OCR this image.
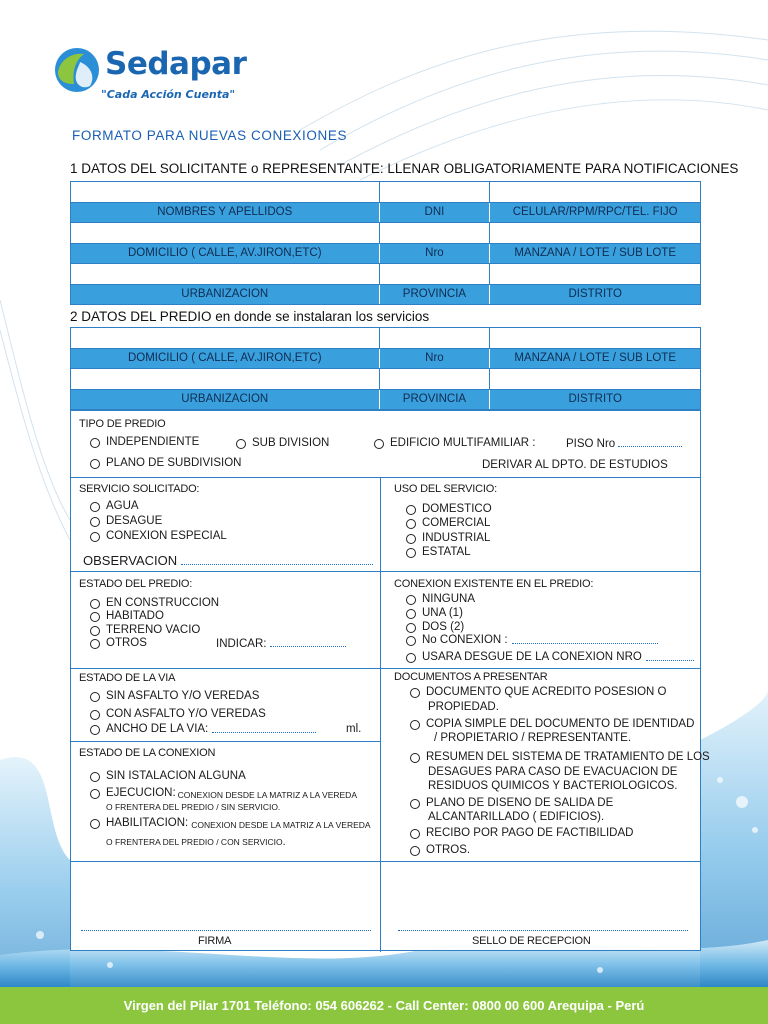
Sedapar
"Cada Acción Cuenta"
FORMATO PARA NUEVAS CONEXIONES
1 DATOS DEL SOLICITANTE o REPRESENTANTE: LLENAR OBLIGATORIAMENTE PARA NOTIFICACIONES
NOMBRES Y APELLIDOS	DNI	CELULAR/RPM/RPC/TEL. FIJO
DOMICILIO ( CALLE, AV.JIRON,ETC)	Nro	MANZANA / LOTE / SUB LOTE
URBANIZACION	PROVINCIA	DISTRITO
2 DATOS DEL PREDIO en donde se instalaran los servicios
DOMICILIO ( CALLE, AV.JIRON,ETC)	Nro	MANZANA / LOTE / SUB LOTE
URBANIZACION	PROVINCIA	DISTRITO
TIPO DE PREDIO
INDEPENDIENTE	SUB DIVISION	EDIFICIO MULTIFAMILIAR :	PISO Nro
PLANO DE SUBDIVISION	DERIVAR AL DPTO. DE ESTUDIOS
SERVICIO SOLICITADO:
AGUA
DESAGUE
CONEXION ESPECIAL
OBSERVACION
USO DEL SERVICIO:
DOMESTICO
COMERCIAL
INDUSTRIAL
ESTATAL
ESTADO DEL PREDIO:
EN CONSTRUCCION
HABITADO
TERRENO VACIO
OTROS	INDICAR:
CONEXION EXISTENTE EN EL PREDIO:
NINGUNA
UNA (1)
DOS (2)
No CONEXION :
USARA DESGUE DE LA CONEXION NRO
ESTADO DE LA VIA
SIN ASFALTO Y/O VEREDAS
CON ASFALTO Y/O VEREDAS
ANCHO DE LA VIA:	ml.
ESTADO DE LA CONEXION
SIN ISTALACION ALGUNA
EJECUCION: CONEXION DESDE LA MATRIZ A LA VEREDA
O FRENTERA DEL PREDIO / SIN SERVICIO.
HABILITACION: CONEXION DESDE LA MATRIZ A LA VEREDA
O FRENTERA DEL PREDIO / CON SERVICIO.
DOCUMENTOS A PRESENTAR
DOCUMENTO QUE ACREDITO POSESION O
PROPIEDAD.
COPIA SIMPLE DEL DOCUMENTO DE IDENTIDAD
/ PROPIETARIO / REPRESENTANTE.
RESUMEN DEL SISTEMA DE TRATAMIENTO DE LOS
DESAGUES PARA CASO DE EVACUACION DE
RESIDUOS QUIMICOS Y BACTERIOLOGICOS.
PLANO DE DISENO DE SALIDA DE
ALCANTARILLADO ( EDIFICIOS).
RECIBO POR PAGO DE FACTIBILIDAD
OTROS.
FIRMA	SELLO DE RECEPCION
Virgen del Pilar 1701 Teléfono: 054 606262 - Call Center: 0800 00 600 Arequipa - Perú
